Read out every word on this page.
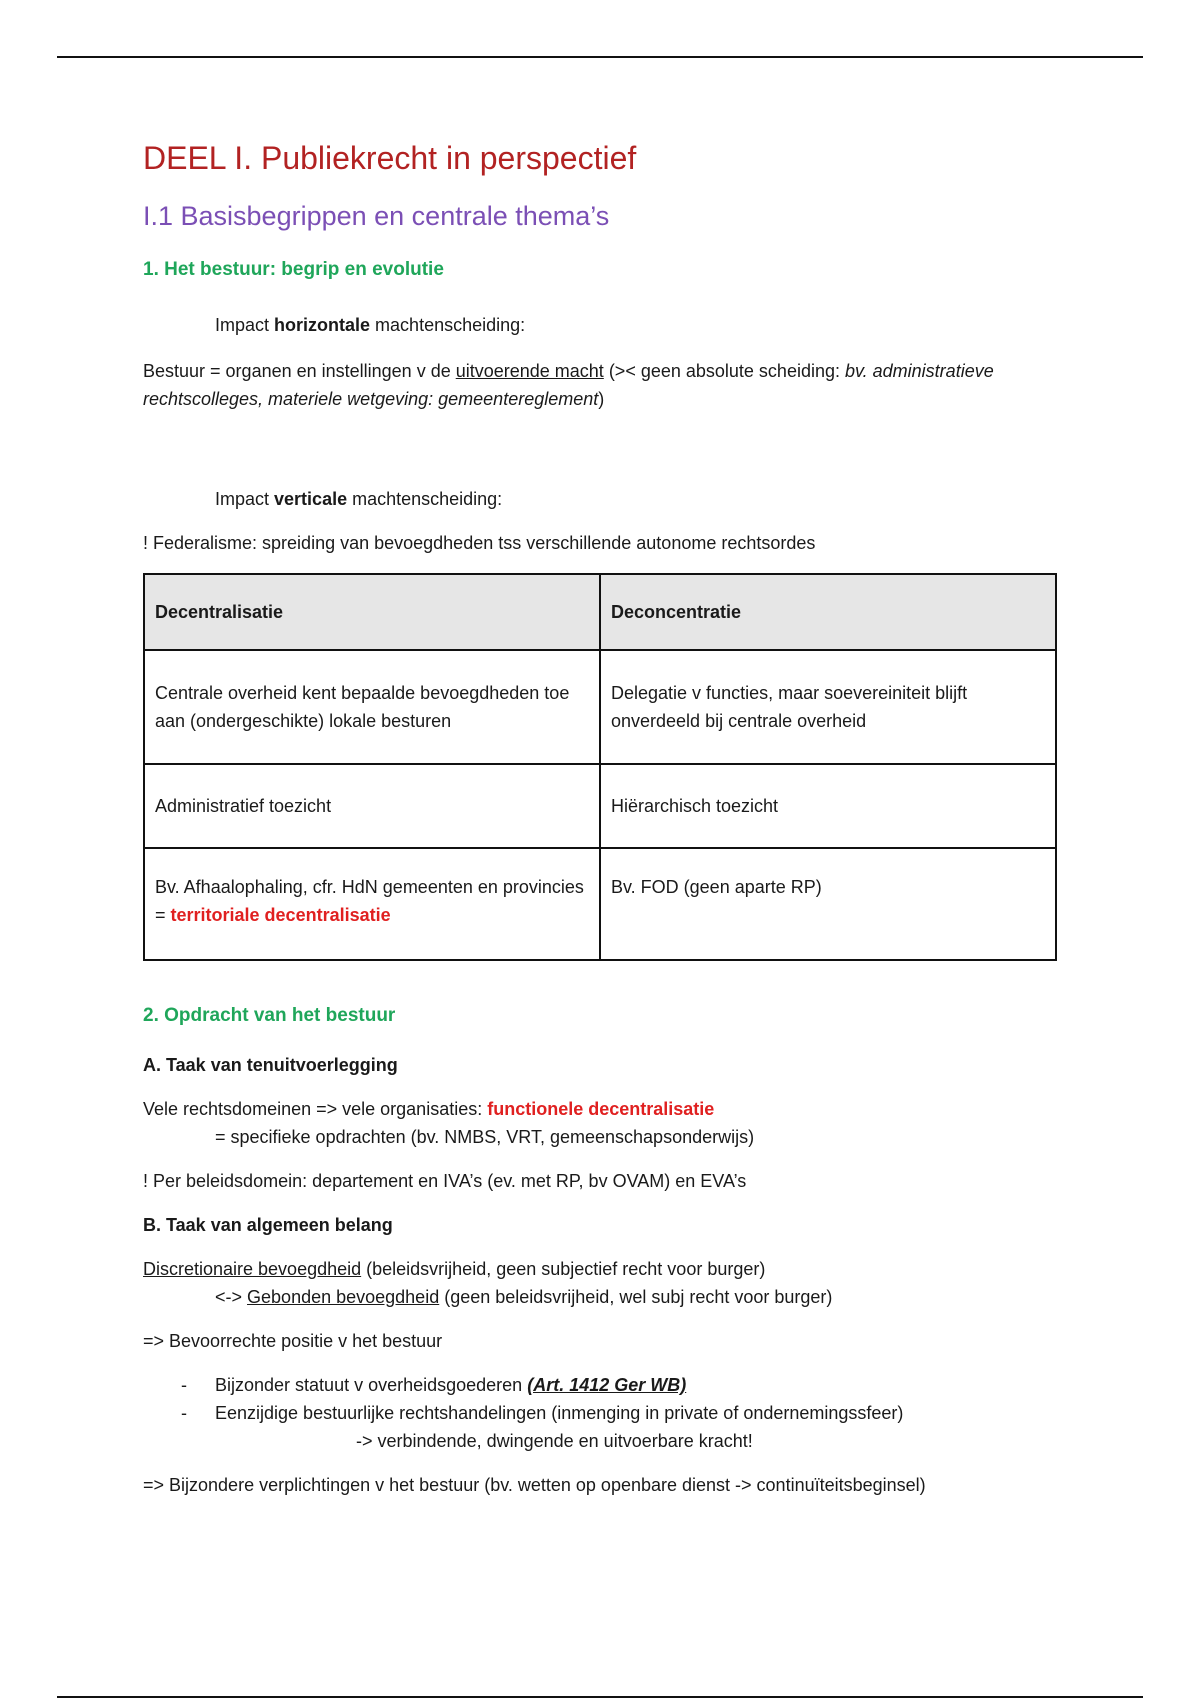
DEEL I. Publiekrecht in perspectief
I.1 Basisbegrippen en centrale thema’s
1. Het bestuur: begrip en evolutie

Impact horizontale machtenscheiding:

Bestuur = organen en instellingen v de uitvoerende macht (>< geen absolute scheiding: bv. administratieve rechtscolleges, materiele wetgeving: gemeentereglement)

Impact verticale machtenscheiding:

! Federalisme: spreiding van bevoegdheden tss verschillende autonome rechtsordes

Decentralisatie	Deconcentratie
Centrale overheid kent bepaalde bevoegdheden toe aan (ondergeschikte) lokale besturen	Delegatie v functies, maar soevereiniteit blijft onverdeeld bij centrale overheid
Administratief toezicht	Hiërarchisch toezicht
Bv. Afhaalophaling, cfr. HdN gemeenten en provincies = territoriale decentralisatie	Bv. FOD (geen aparte RP)
2. Opdracht van het bestuur

A. Taak van tenuitvoerlegging

Vele rechtsdomeinen => vele organisaties: functionele decentralisatie

= specifieke opdrachten (bv. NMBS, VRT, gemeenschapsonderwijs)

! Per beleidsdomein: departement en IVA’s (ev. met RP, bv OVAM) en EVA’s

B. Taak van algemeen belang

Discretionaire bevoegdheid (beleidsvrijheid, geen subjectief recht voor burger)

<-> Gebonden bevoegdheid (geen beleidsvrijheid, wel subj recht voor burger)

=> Bevoorrechte positie v het bestuur

-	Bijzonder statuut v overheidsgoederen (Art. 1412 Ger WB)
-	Eenzijdige bestuurlijke rechtshandelingen (inmenging in private of ondernemingssfeer)

-> verbindende, dwingende en uitvoerbare kracht!

=> Bijzondere verplichtingen v het bestuur (bv. wetten op openbare dienst -> continuïteitsbeginsel)
